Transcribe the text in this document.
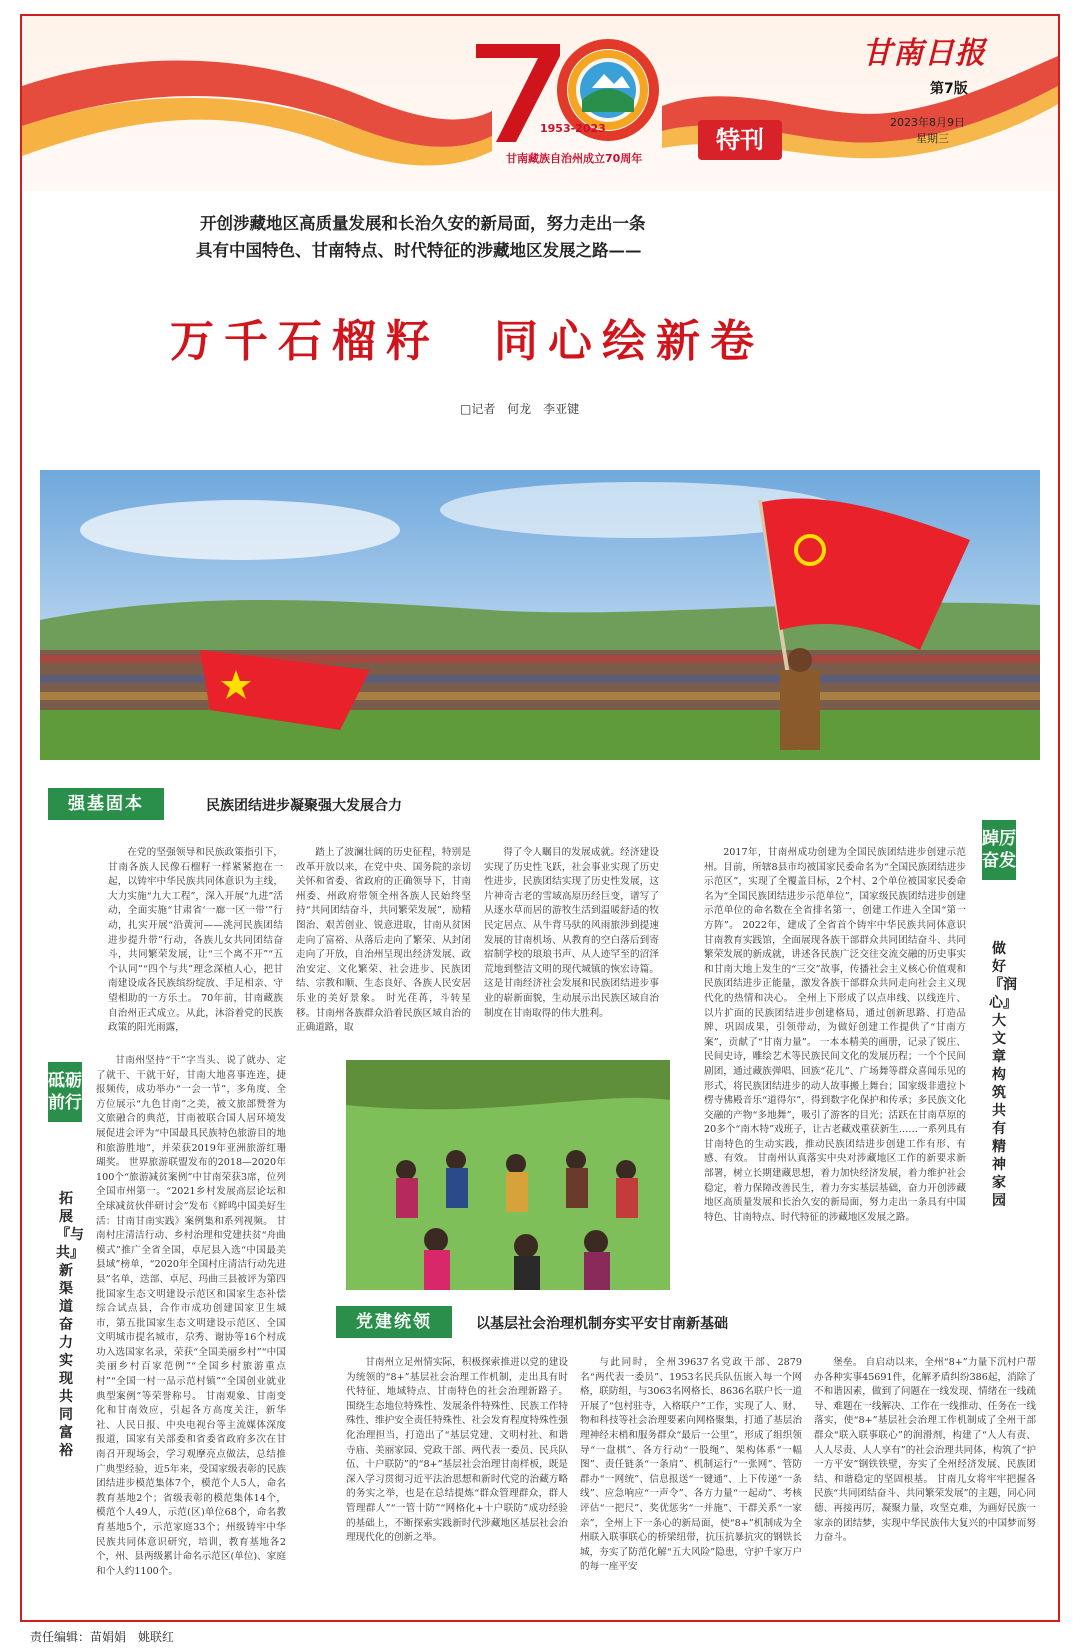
1953-2023
甘南藏族自治州成立70周年
特刊
甘南日报
第7版
2023年8月9日
星期三
开创涉藏地区高质量发展和长治久安的新局面，努力走出一条
具有中国特色、甘南特点、时代特征的涉藏地区发展之路——
万千石榴籽　同心绘新卷
□记者 何龙　李亚键
强基固本	民族团结进步凝聚强大发展合力

在党的坚强领导和民族政策指引下，甘南各族人民像石榴籽一样紧紧抱在一起，以铸牢中华民族共同体意识为主线，大力实施“九大工程”，深入开展“九进”活动，全面实施“甘肃省‘一廊一区一带’”行动，扎实开展“沿黄河——洮河民族团结进步提升带”行动，各族儿女共同团结奋斗，共同繁荣发展，让“三个离不开”“五个认同”“四个与共”理念深植人心，把甘南建设成各民族缤纷绽放、手足相亲、守望相助的一方乐土。 70年前，甘南藏族自治州正式成立。从此，沐浴着党的民族政策的阳光雨露，

踏上了波澜壮阔的历史征程，特别是改革开放以来，在党中央、国务院的亲切关怀和省委、省政府的正确领导下，甘南州委、州政府带领全州各族人民始终坚持“共同团结奋斗，共同繁荣发展”，励精图治、艰苦创业、锐意进取，甘南从贫困走向了富裕、从落后走向了繁荣、从封闭走向了开放，自治州呈现出经济发展、政治安定、文化繁荣、社会进步、民族团结、宗教和顺、生态良好、各族人民安居乐业的美好景象。 时光荏苒，斗转星移。甘南州各族群众沿着民族区域自治的正确道路，取

得了令人瞩目的发展成就。经济建设实现了历史性飞跃，社会事业实现了历史性进步，民族团结实现了历史性发展，这片神奇古老的雪域高原历经巨变，谱写了从逐水草而居的游牧生活到温暖舒适的牧民定居点、从牛背马驮的风雨旅涉到提速发展的甘南机场、从教育的空白落后到寄宿制学校的琅琅书声、从人迹罕至的沼泽荒地到整洁文明的现代城镇的恢宏诗篇。这是甘南经济社会发展和民族团结进步事业的崭新面貌，生动展示出民族区域自治制度在甘南取得的伟大胜利。

砥砺前行
拓展『与共』新渠道奋力实现共同富裕

甘南州坚持“干”字当头、说了就办、定了就干、干就干好，甘南大地喜事连连，捷报频传，成功举办“一会一节”，多角度、全方位展示“九色甘南”之美，被文旅部赞誉为文旅融合的典范，甘南被联合国人居环境发展促进会评为“中国最具民族特色旅游目的地和旅游胜地”，并荣获2019年亚洲旅游红珊瑚奖。 世界旅游联盟发布的2018—2020年100个“旅游减贫案例”中甘南荣获3席，位列全国市州第一。“2021乡村发展高层论坛和全球减贫伙伴研讨会”发布《鲜鸣中国美好生活：甘南甘南实践》案例集和系列视频。 甘南村庄清洁行动、乡村治理和党建扶贫“舟曲模式”推广全省全国，卓尼县入选“中国最美县域”榜单，“2020年全国村庄清洁行动先进县”名单，迭部、卓尼、玛曲三县被评为第四批国家生态文明建设示范区和国家生态补偿综合试点县，合作市成功创建国家卫生城市，第五批国家生态文明建设示范区、全国文明城市提名城市，尕秀、谢协等16个村成功入选国家名录，荣获“全国美丽乡村”“中国美丽乡村百家范例”“全国乡村旅游重点村”“全国一村一品示范村镇”“全国创业就业典型案例”等荣誉称号。 甘南观象、甘南变化和甘南效应，引起各方高度关注，新华社、人民日报、中央电视台等主流媒体深度报道，国家有关部委和省委省政府多次在甘南召开现场会，学习观摩亮点做法，总结推广典型经验，近5年来，受国家级表彰的民族团结进步模范集体7个，模范个人5人，命名教育基地2个；省级表彰的模范集体14个，模范个人49人，示范(区)单位68个，命名教育基地5个，示范家庭33个；州级铸牢中华民族共同体意识研究，培训，教育基地各2个，州、县两级累计命名示范区(单位)、家庭和个人约1100个。

2017年，甘南州成功创建为全国民族团结进步创建示范州。目前，所辖8县市均被国家民委命名为“全国民族团结进步示范区”，实现了全覆盖目标，2个村、2个单位被国家民委命名为“全国民族团结进步示范单位”，国家级民族团结进步创建示范单位的命名数在全省排名第一，创建工作进入全国“第一方阵”。 2022年，建成了全省首个铸牢中华民族共同体意识甘南教育实践馆，全面展现各族干部群众共同团结奋斗、共同繁荣发展的新成就，讲述各民族广泛交往交流交融的历史事实和甘南大地上发生的“三交”故事，传播社会主义核心价值观和民族团结进步正能量，激发各族干部群众共同走向社会主义现代化的热情和决心。 全州上下形成了以点串线、以线连片、以片扩面的民族团结进步创建格局，通过创新思路、打造品牌、巩固成果，引领带动，为做好创建工作提供了“甘南方案”，贡献了“甘南力量”。 一本本精美的画册，记录了锐庄、民间史诗，雕绘艺术等民族民间文化的发展历程；一个个民间剧团，通过藏族弹唱、回族“花儿”、广场舞等群众喜闻乐见的形式，将民族团结进步的动人故事搬上舞台；国家级非遗拉卜楞寺佛殿音乐“道得尔”，得到数字化保护和传承；多民族文化交融的产物“多地舞”，吸引了游客的目光；活跃在甘南草原的20多个“南木特”戏班子，让古老藏戏重获新生……一系列具有甘南特色的生动实践，推动民族团结进步创建工作有形、有感、有效。 甘南州认真落实中央对涉藏地区工作的新要求新部署，树立长期建藏思想，着力加快经济发展，着力维护社会稳定，着力保障改善民生，着力夯实基层基础，奋力开创涉藏地区高质量发展和长治久安的新局面，努力走出一条具有中国特色、甘南特点、时代特征的涉藏地区发展之路。

踔厉奋发
做好『润心』大文章构筑共有精神家园
党建统领	以基层社会治理机制夯实平安甘南新基础

甘南州立足州情实际，积极探索推进以党的建设为统领的“8+”基层社会治理工作机制，走出具有时代特征、地域特点、甘南特色的社会治理新路子。 围绕生态地位特殊性、发展条件特殊性、民族工作特殊性、维护安全责任特殊性、社会发育程度特殊性强化治理担当，打造出了“基层党建、文明村社、和谐寺庙、美丽家园、党政干部、两代表一委员、民兵队伍、十户联防”的“8+”基层社会治理甘南样板，既是深入学习贯彻习近平法治思想和新时代党的治藏方略的务实之举，也是在总结提炼“群众管理群众，群人管理群人”“一管十防”“网格化+十户联防”成功经验的基础上，不断探索实践新时代涉藏地区基层社会治理现代化的创新之举。

与此同时，全州39637名党政干部、2879名“两代表一委员”、1953名民兵队伍嵌入每一个网格，联防组，与3063名网格长、8636名联户长一道开展了“包村驻寺，入格联户”工作，实现了人、财、物和科技等社会治理要素向网格聚集，打通了基层治理神经末梢和服务群众“最后一公里”，形成了组织领导“一盘棋”、各方行动“一股绳”、架构体系“一幅图”、责任链条“一条肩”、机制运行“一张网”、管防群办“一网统”、信息报送“一键通”、上下传递“一条线”、应急响应“一声令”、各方力量“一起动”、考核评估“一把尺”、奖优惩劣“一并施”、干群关系“一家亲”，全州上下一条心的新局面，使“8+”机制成为全州联入联事联心的桥梁纽带，抗压抗暴抗灾的钢铁长城，夯实了防范化解“五大风险”隐患，守护千家万户的每一座平安

堡垒。 自启动以来，全州“8+”力量下沉村户帮办各种实事45691件，化解矛盾纠纷386起，消除了不和谐因素，做到了问题在一线发现、情绪在一线疏导、难题在一线解决、工作在一线推动、任务在一线落实，使“8+”基层社会治理工作机制成了全州干部群众“联入联事联心”的润滑剂，构建了“人人有责、人人尽责、人人享有”的社会治理共同体，构筑了“护一方平安”钢铁铁壁，夯实了全州经济发展、民族团结、和谐稳定的坚固根基。 甘南儿女将牢牢把握各民族“共同团结奋斗、共同繁荣发展”的主题，同心同德、再接再厉，凝聚力量，攻坚克难，为画好民族一家亲的团结梦，实现中华民族伟大复兴的中国梦而努力奋斗。

责任编辑：苗娟娟　姚联红
